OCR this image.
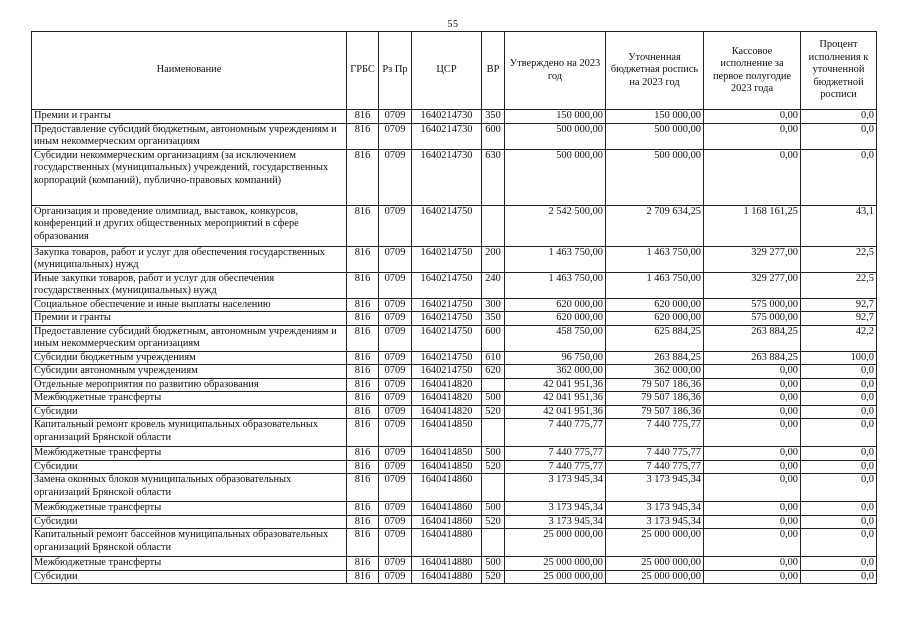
55
Наименование	ГРБС	Рз Пр	ЦСР	ВР	Утверждено на 2023 год	Уточненная бюджетная роспись на 2023 год	Кассовое исполнение за первое полугодие 2023 года	Процент исполнения к уточненной бюджетной росписи
Премии и гранты	816	0709	1640214730	350	150 000,00	150 000,00	0,00	0,0
Предоставление субсидий бюджетным, автономным учреждениям и иным некоммерческим организациям	816	0709	1640214730	600	500 000,00	500 000,00	0,00	0,0
Субсидии некоммерческим организациям (за исключением государственных (муниципальных) учреждений, государственных корпораций (компаний), публично-правовых компаний)	816	0709	1640214730	630	500 000,00	500 000,00	0,00	0,0
Организация и проведение олимпиад, выставок, конкурсов, конференций и других общественных мероприятий в сфере образования	816	0709	1640214750		2 542 500,00	2 709 634,25	1 168 161,25	43,1
Закупка товаров, работ и услуг для обеспечения государственных (муниципальных) нужд	816	0709	1640214750	200	1 463 750,00	1 463 750,00	329 277,00	22,5
Иные закупки товаров, работ и услуг для обеспечения государственных (муниципальных) нужд	816	0709	1640214750	240	1 463 750,00	1 463 750,00	329 277,00	22,5
Социальное обеспечение и иные выплаты населению	816	0709	1640214750	300	620 000,00	620 000,00	575 000,00	92,7
Премии и гранты	816	0709	1640214750	350	620 000,00	620 000,00	575 000,00	92,7
Предоставление субсидий бюджетным, автономным учреждениям и иным некоммерческим организациям	816	0709	1640214750	600	458 750,00	625 884,25	263 884,25	42,2
Субсидии бюджетным учреждениям	816	0709	1640214750	610	96 750,00	263 884,25	263 884,25	100,0
Субсидии автономным учреждениям	816	0709	1640214750	620	362 000,00	362 000,00	0,00	0,0
Отдельные мероприятия по развитию образования	816	0709	1640414820		42 041 951,36	79 507 186,36	0,00	0,0
Межбюджетные трансферты	816	0709	1640414820	500	42 041 951,36	79 507 186,36	0,00	0,0
Субсидии	816	0709	1640414820	520	42 041 951,36	79 507 186,36	0,00	0,0
Капитальный ремонт кровель муниципальных образовательных организаций Брянской области	816	0709	1640414850		7 440 775,77	7 440 775,77	0,00	0,0
Межбюджетные трансферты	816	0709	1640414850	500	7 440 775,77	7 440 775,77	0,00	0,0
Субсидии	816	0709	1640414850	520	7 440 775,77	7 440 775,77	0,00	0,0
Замена оконных блоков муниципальных образовательных организаций Брянской области	816	0709	1640414860		3 173 945,34	3 173 945,34	0,00	0,0
Межбюджетные трансферты	816	0709	1640414860	500	3 173 945,34	3 173 945,34	0,00	0,0
Субсидии	816	0709	1640414860	520	3 173 945,34	3 173 945,34	0,00	0,0
Капитальный ремонт бассейнов муниципальных образовательных организаций Брянской области	816	0709	1640414880		25 000 000,00	25 000 000,00	0,00	0,0
Межбюджетные трансферты	816	0709	1640414880	500	25 000 000,00	25 000 000,00	0,00	0,0
Субсидии	816	0709	1640414880	520	25 000 000,00	25 000 000,00	0,00	0,0
